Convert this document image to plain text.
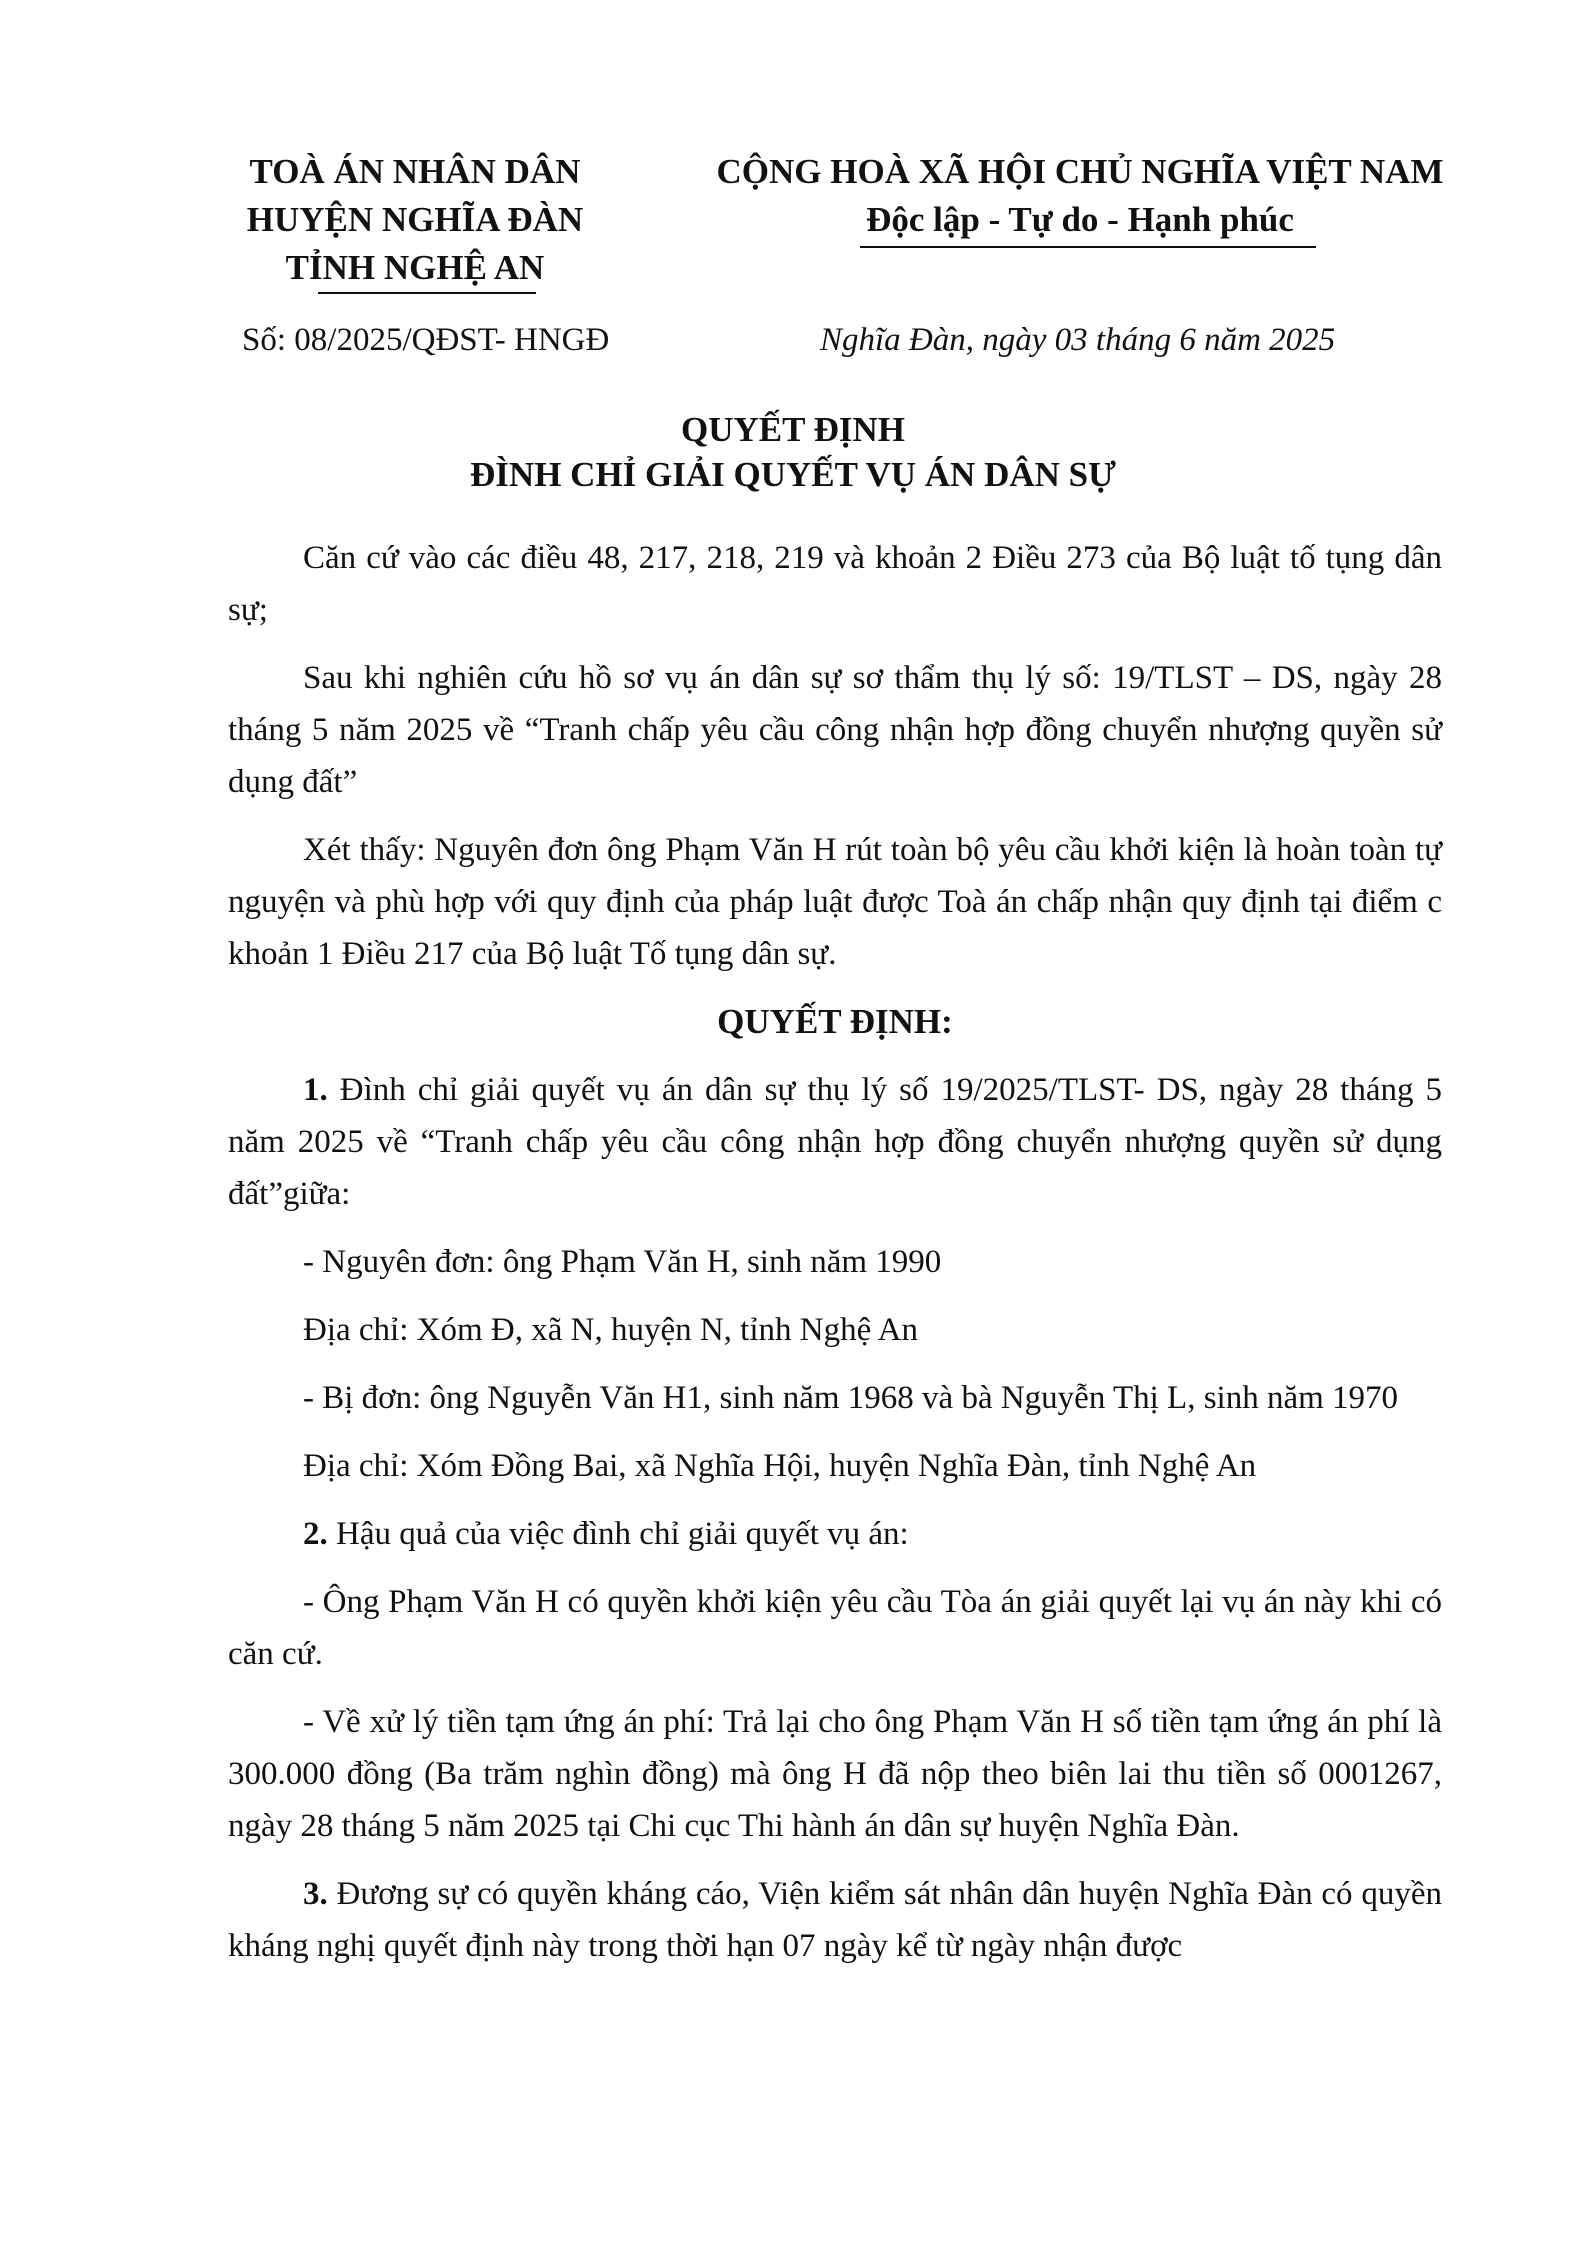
TOÀ ÁN NHÂN DÂN
HUYỆN NGHĨA ĐÀN
TỈNH NGHỆ AN
CỘNG HOÀ XÃ HỘI CHỦ NGHĨA VIỆT NAM
Độc lập - Tự do - Hạnh phúc
Số: 08/2025/QĐST- HNGĐ	Nghĩa Đàn, ngày 03 tháng 6 năm 2025
QUYẾT ĐỊNH
ĐÌNH CHỈ GIẢI QUYẾT VỤ ÁN DÂN SỰ

Căn cứ vào các điều 48, 217, 218, 219 và khoản 2 Điều 273 của Bộ luật tố tụng dân sự;

Sau khi nghiên cứu hồ sơ vụ án dân sự sơ thẩm thụ lý số: 19/TLST – DS, ngày 28 tháng 5 năm 2025 về “Tranh chấp yêu cầu công nhận hợp đồng chuyển nhượng quyền sử dụng đất”

Xét thấy: Nguyên đơn ông Phạm Văn H rút toàn bộ yêu cầu khởi kiện là hoàn toàn tự nguyện và phù hợp với quy định của pháp luật được Toà án chấp nhận quy định tại điểm c khoản 1 Điều 217 của Bộ luật Tố tụng dân sự.

QUYẾT ĐỊNH:

1. Đình chỉ giải quyết vụ án dân sự thụ lý số 19/2025/TLST- DS, ngày 28 tháng 5 năm 2025 về “Tranh chấp yêu cầu công nhận hợp đồng chuyển nhượng quyền sử dụng đất”giữa:

- Nguyên đơn: ông Phạm Văn H, sinh năm 1990

Địa chỉ: Xóm Đ, xã N, huyện N, tỉnh Nghệ An

- Bị đơn: ông Nguyễn Văn H1, sinh năm 1968 và bà Nguyễn Thị L, sinh năm 1970

Địa chỉ: Xóm Đồng Bai, xã Nghĩa Hội, huyện Nghĩa Đàn, tỉnh Nghệ An

2. Hậu quả của việc đình chỉ giải quyết vụ án:

- Ông Phạm Văn H có quyền khởi kiện yêu cầu Tòa án giải quyết lại vụ án này khi có căn cứ.

- Về xử lý tiền tạm ứng án phí: Trả lại cho ông Phạm Văn H số tiền tạm ứng án phí là 300.000 đồng (Ba trăm nghìn đồng) mà ông H đã nộp theo biên lai thu tiền số 0001267, ngày 28 tháng 5 năm 2025 tại Chi cục Thi hành án dân sự huyện Nghĩa Đàn.

3. Đương sự có quyền kháng cáo, Viện kiểm sát nhân dân huyện Nghĩa Đàn có quyền kháng nghị quyết định này trong thời hạn 07 ngày kể từ ngày nhận được
